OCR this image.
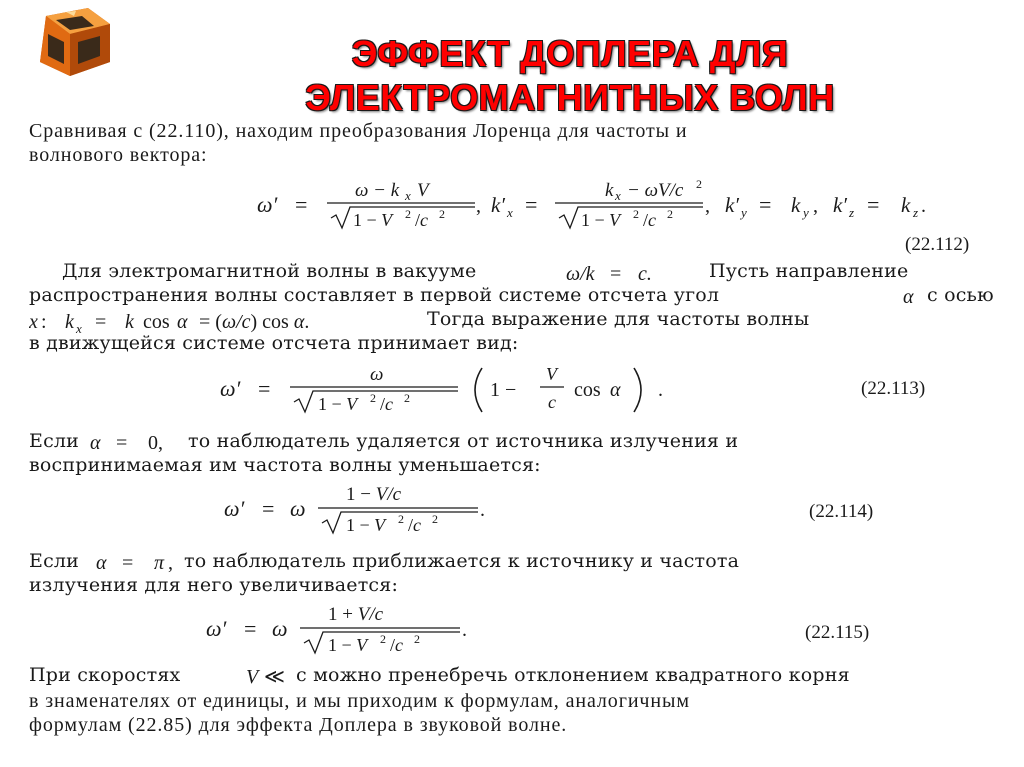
ЭФФЕКТ ДОПЛЕРА ДЛЯ
ЭЛЕКТРОМАГНИТНЫХ ВОЛН
Сравнивая с (22.110), находим преобразования Лоренца для частоты и
волнового вектора:
ω′ =
ω − k x V
1 − V 2 /c 2 , k′ x =
k x − ωV/c 2
1 − V 2 /c 2 , k′ y = k y , k′ z = k z .
(22.112)
Для электромагнитной волны в вакууме	ω/k = c.	Пусть направление
распространения волны составляет в первой системе отсчета угол	α с осью
x : k x = k cos α = (ω/c) cos α.	Тогда выражение для частоты волны
в движущейся системе отсчета принимает вид:
ω′ =
ω
1 − V 2 /c 2	1 −
V
c
cos α .	(22.113)
Если α = 0, то наблюдатель удаляется от источника излучения и
воспринимаемая им частота волны уменьшается:
ω′ = ω
1 − V/c
1 − V 2 /c 2 .	(22.114)
Если α = π , то наблюдатель приближается к источнику и частота
излучения для него увеличивается:
ω′ = ω
1 + V/c
1 − V 2 /c 2 .	(22.115)
При скоростях	V ≪ с можно пренебречь отклонением квадратного корня
в знаменателях от единицы, и мы приходим к формулам, аналогичным
формулам (22.85) для эффекта Доплера в звуковой волне.
